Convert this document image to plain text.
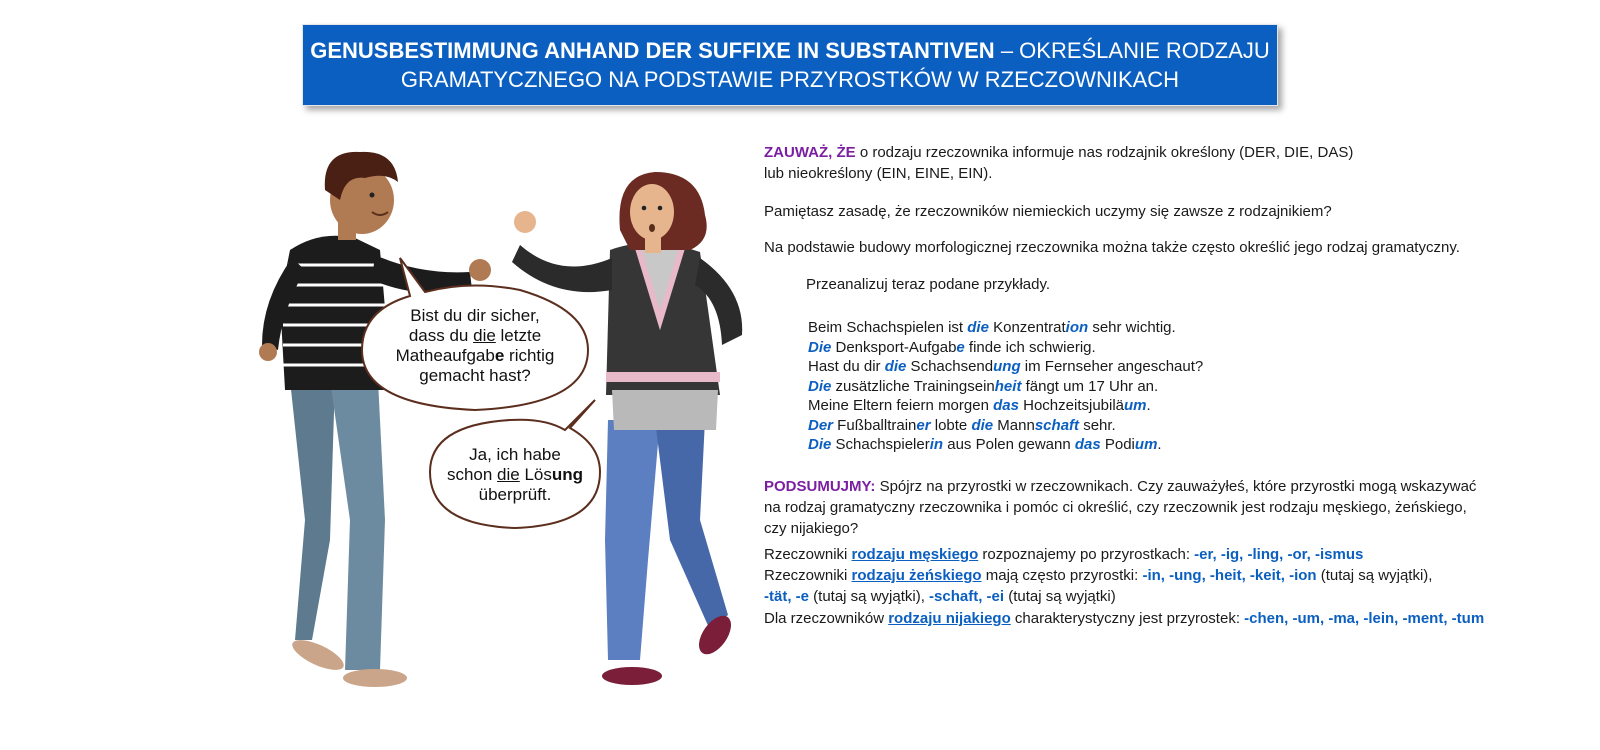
GENUSBESTIMMUNG ANHAND DER SUFFIXE IN SUBSTANTIVEN – OKREŚLANIE RODZAJU
GRAMATYCZNEGO NA PODSTAWIE PRZYROSTKÓW W RZECZOWNIKACH
Bist du dir sicher,
dass du die letzte
Matheaufgabe richtig
gemacht hast?
Ja, ich habe
schon die Lösung
überprüft.
ZAUWAŻ, ŻE o rodzaju rzeczownika informuje nas rodzajnik określony (DER, DIE, DAS)
lub nieokreślony (EIN, EINE, EIN).
Pamiętasz zasadę, że rzeczowników niemieckich uczymy się zawsze z rodzajnikiem?
Na podstawie budowy morfologicznej rzeczownika można także często określić jego rodzaj gramatyczny.
Przeanalizuj teraz podane przykłady.
Beim Schachspielen ist die Konzentration sehr wichtig.
Die Denksport-Aufgabe finde ich schwierig.
Hast du dir die Schachsendung im Fernseher angeschaut?
Die zusätzliche Trainingseinheit fängt um 17 Uhr an.
Meine Eltern feiern morgen das Hochzeitsjubiläum.
Der Fußballtrainer lobte die Mannschaft sehr.
Die Schachspielerin aus Polen gewann das Podium.
PODSUMUJMY: Spójrz na przyrostki w rzeczownikach. Czy zauważyłeś, które przyrostki mogą wskazywać
na rodzaj gramatyczny rzeczownika i pomóc ci określić, czy rzeczownik jest rodzaju męskiego, żeńskiego,
czy nijakiego?
Rzeczowniki rodzaju męskiego rozpoznajemy po przyrostkach: -er, -ig, -ling, -or, -ismus
Rzeczowniki rodzaju żeńskiego mają często przyrostki: -in, -ung, -heit, -keit, -ion (tutaj są wyjątki),
-tät, -e (tutaj są wyjątki), -schaft, -ei (tutaj są wyjątki)
Dla rzeczowników rodzaju nijakiego charakterystyczny jest przyrostek: -chen, -um, -ma, -lein, -ment, -tum
